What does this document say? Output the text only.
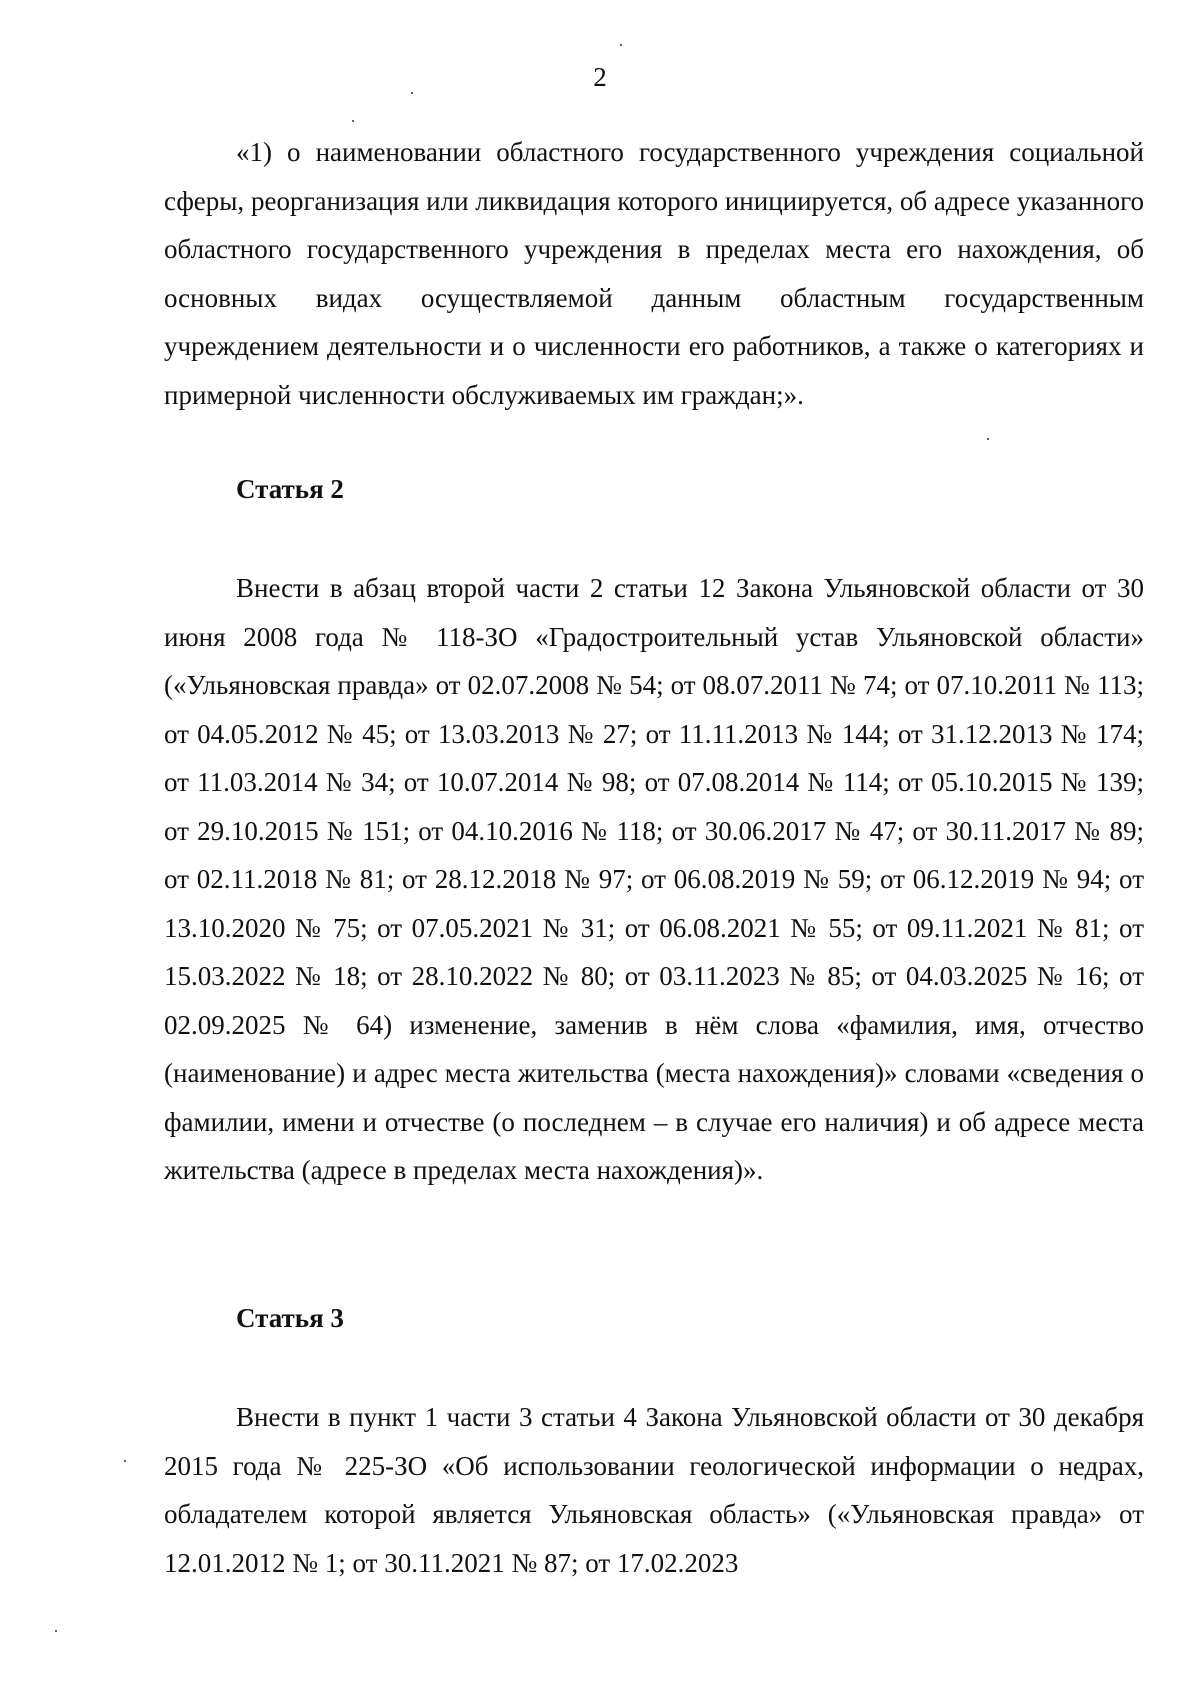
2

«1) о наименовании областного государственного учреждения социальной сферы, реорганизация или ликвидация которого инициируется, об адресе указанного областного государственного учреждения в пределах места его нахождения, об основных видах осуществляемой данным областным государственным учреждением деятельности и о численности его работников, а также о категориях и примерной численности обслуживаемых им граждан;».

Статья 2

Внести в абзац второй части 2 статьи 12 Закона Ульяновской области от 30 июня 2008 года № 118-ЗО «Градостроительный устав Ульяновской области» («Ульяновская правда» от 02.07.2008 № 54; от 08.07.2011 № 74; от 07.10.2011 № 113; от 04.05.2012 № 45; от 13.03.2013 № 27; от 11.11.2013 № 144; от 31.12.2013 № 174; от 11.03.2014 № 34; от 10.07.2014 № 98; от 07.08.2014 № 114; от 05.10.2015 № 139; от 29.10.2015 № 151; от 04.10.2016 № 118; от 30.06.2017 № 47; от 30.11.2017 № 89; от 02.11.2018 № 81; от 28.12.2018 № 97; от 06.08.2019 № 59; от 06.12.2019 № 94; от 13.10.2020 № 75; от 07.05.2021 № 31; от 06.08.2021 № 55; от 09.11.2021 № 81; от 15.03.2022 № 18; от 28.10.2022 № 80; от 03.11.2023 № 85; от 04.03.2025 № 16; от 02.09.2025 № 64) изменение, заменив в нём слова «фамилия, имя, отчество (наименование) и адрес места жительства (места нахождения)» словами «сведения о фамилии, имени и отчестве (о последнем – в случае его наличия) и об адресе места жительства (адресе в пределах места нахождения)».

Статья 3

Внести в пункт 1 части 3 статьи 4 Закона Ульяновской области от 30 декабря 2015 года № 225-ЗО «Об использовании геологической информации о недрах, обладателем которой является Ульяновская область» («Ульяновская правда» от 12.01.2012 № 1; от 30.11.2021 № 87; от 17.02.2023
